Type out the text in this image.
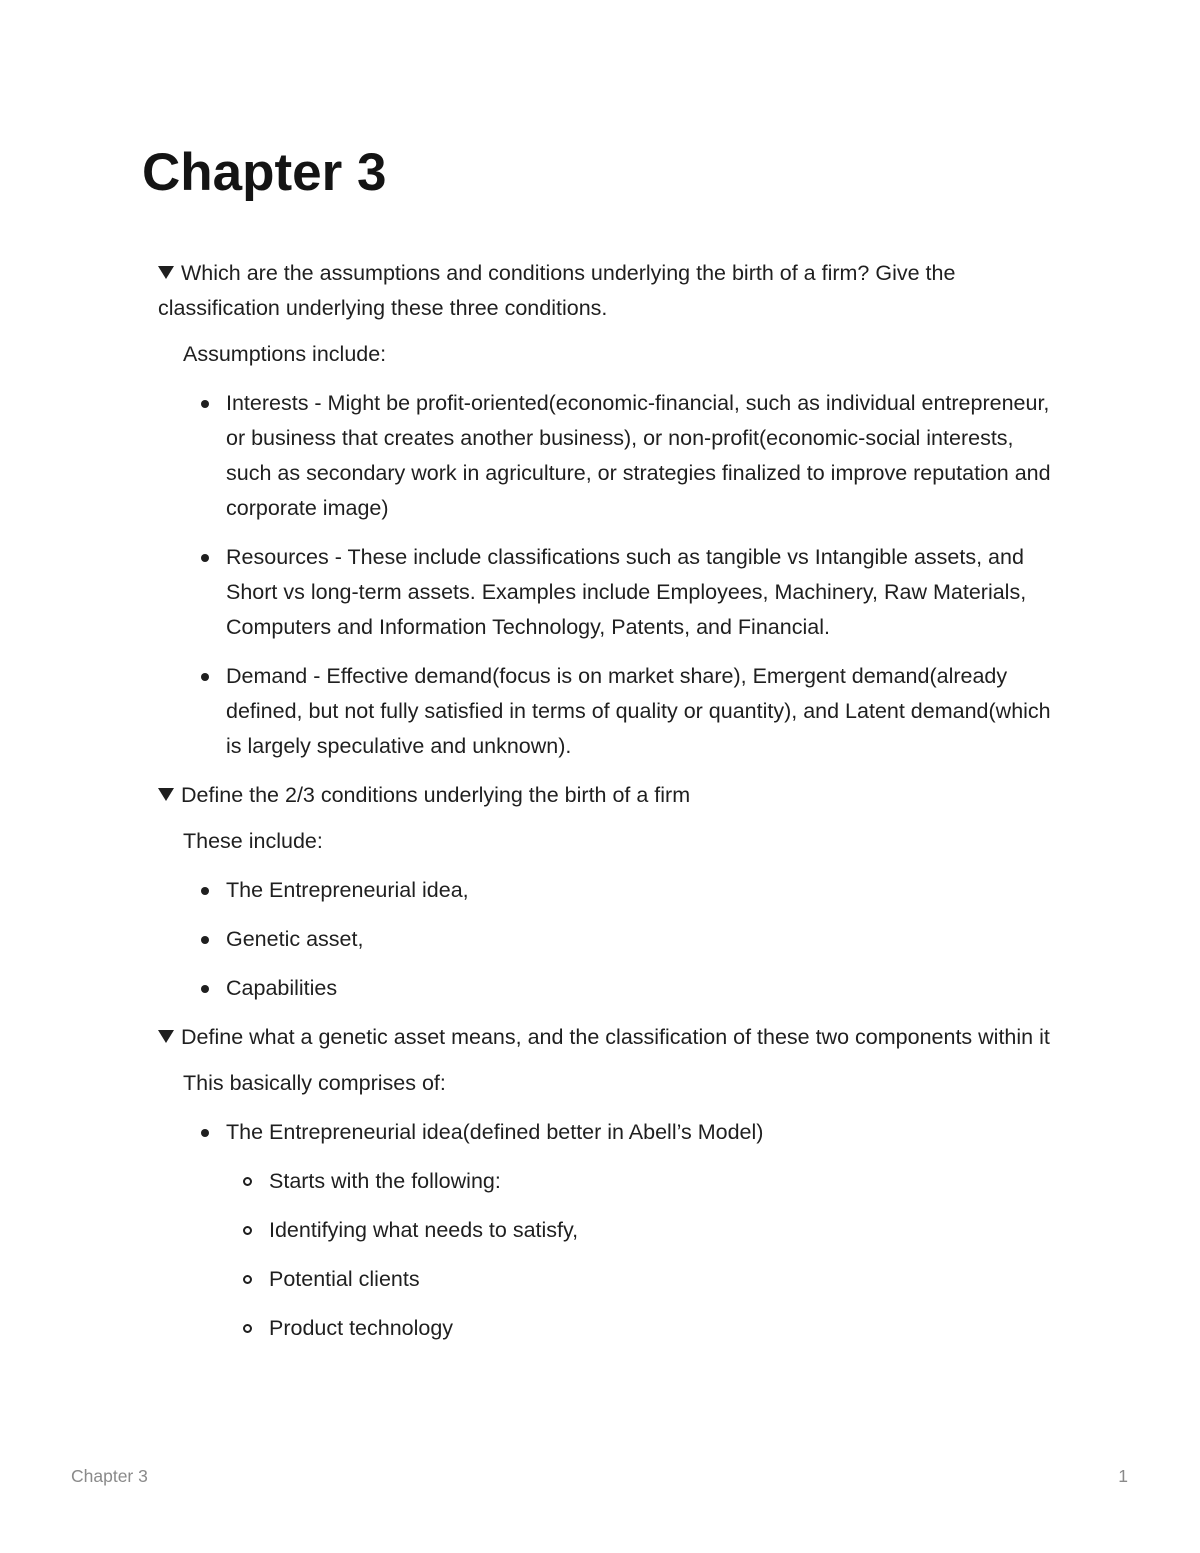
Chapter 3

Which are the assumptions and conditions underlying the birth of a firm? Give the classification underlying these three conditions.

Assumptions include:

Interests - Might be profit-oriented(economic-financial, such as individual entrepreneur, or business that creates another business), or non-profit(economic-social interests, such as secondary work in agriculture, or strategies finalized to improve reputation and corporate image)
Resources - These include classifications such as tangible vs Intangible assets, and Short vs long-term assets. Examples include Employees, Machinery, Raw Materials, Computers and Information Technology, Patents, and Financial.
Demand - Effective demand(focus is on market share), Emergent demand(already defined, but not fully satisfied in terms of quality or quantity), and Latent demand(which is largely speculative and unknown).

Define the 2/3 conditions underlying the birth of a firm

These include:

The Entrepreneurial idea,
Genetic asset,
Capabilities

Define what a genetic asset means, and the classification of these two components within it

This basically comprises of:

The Entrepreneurial idea(defined better in Abell’s Model)
Starts with the following:
Identifying what needs to satisfy,
Potential clients
Product technology
Chapter 3	1
